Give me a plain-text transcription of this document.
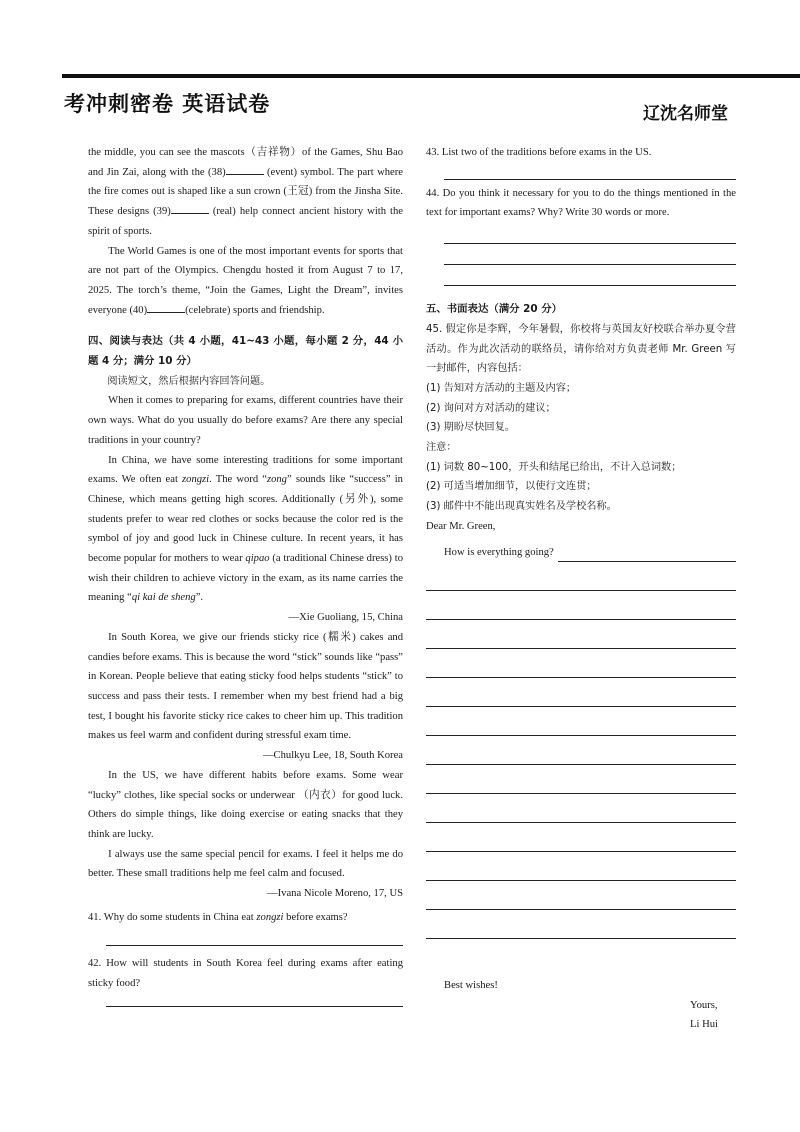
考冲刺密卷 英语试卷	辽沈名师堂

the middle, you can see the mascots（吉祥物）of the Games, Shu Bao and Jin Zai, along with the (38)	(event) symbol. The part where the fire comes out is shaped like a sun crown (王冠) from the Jinsha Site. These designs (39)	(real) help connect ancient history with the spirit of sports.

The World Games is one of the most important events for sports that are not part of the Olympics. Chengdu hosted it from August 7 to 17, 2025. The torch’s theme, “Join the Games, Light the Dream”, invites everyone (40)	(celebrate) sports and friendship.

四、阅读与表达（共 4 小题，41~43 小题，每小题 2 分，44 小题 4 分；满分 10 分）

阅读短文，然后根据内容回答问题。

When it comes to preparing for exams, different countries have their own ways. What do you usually do before exams? Are there any special traditions in your country?

In China, we have some interesting traditions for some important exams. We often eat zongzi. The word “zong” sounds like “success” in Chinese, which means getting high scores. Additionally (另外), some students prefer to wear red clothes or socks because the color red is the symbol of joy and good luck in Chinese culture. In recent years, it has become popular for mothers to wear qipao (a traditional Chinese dress) to wish their children to achieve victory in the exam, as its name carries the meaning “qi kai de sheng”.

—Xie Guoliang, 15, China

In South Korea, we give our friends sticky rice (糯米) cakes and candies before exams. This is because the word “stick” sounds like “pass” in Korean. People believe that eating sticky food helps students “stick” to success and pass their tests. I remember when my best friend had a big test, I bought his favorite sticky rice cakes to cheer him up. This tradition makes us feel warm and confident during stressful exam time.

—Chulkyu Lee, 18, South Korea

In the US, we have different habits before exams. Some wear “lucky” clothes, like special socks or underwear （内衣）for good luck. Others do simple things, like doing exercise or eating snacks that they think are lucky.

I always use the same special pencil for exams. I feel it helps me do better. These small traditions help me feel calm and focused.

—Ivana Nicole Moreno, 17, US

41. Why do some students in China eat zongzi before exams?

42. How will students in South Korea feel during exams after eating sticky food?

43. List two of the traditions before exams in the US.

44. Do you think it necessary for you to do the things mentioned in the text for important exams? Why? Write 30 words or more.

五、书面表达（满分 20 分）

45. 假定你是李辉，今年暑假，你校将与英国友好校联合举办夏令营活动。作为此次活动的联络员，请你给对方负责老师 Mr. Green 写一封邮件，内容包括：

(1) 告知对方活动的主题及内容；

(2) 询问对方对活动的建议；

(3) 期盼尽快回复。

注意：

(1) 词数 80~100，开头和结尾已给出，不计入总词数；

(2) 可适当增加细节，以使行文连贯；

(3) 邮件中不能出现真实姓名及学校名称。

Dear Mr. Green,

How is everything going?
Best wishes!
Yours,
Li Hui
